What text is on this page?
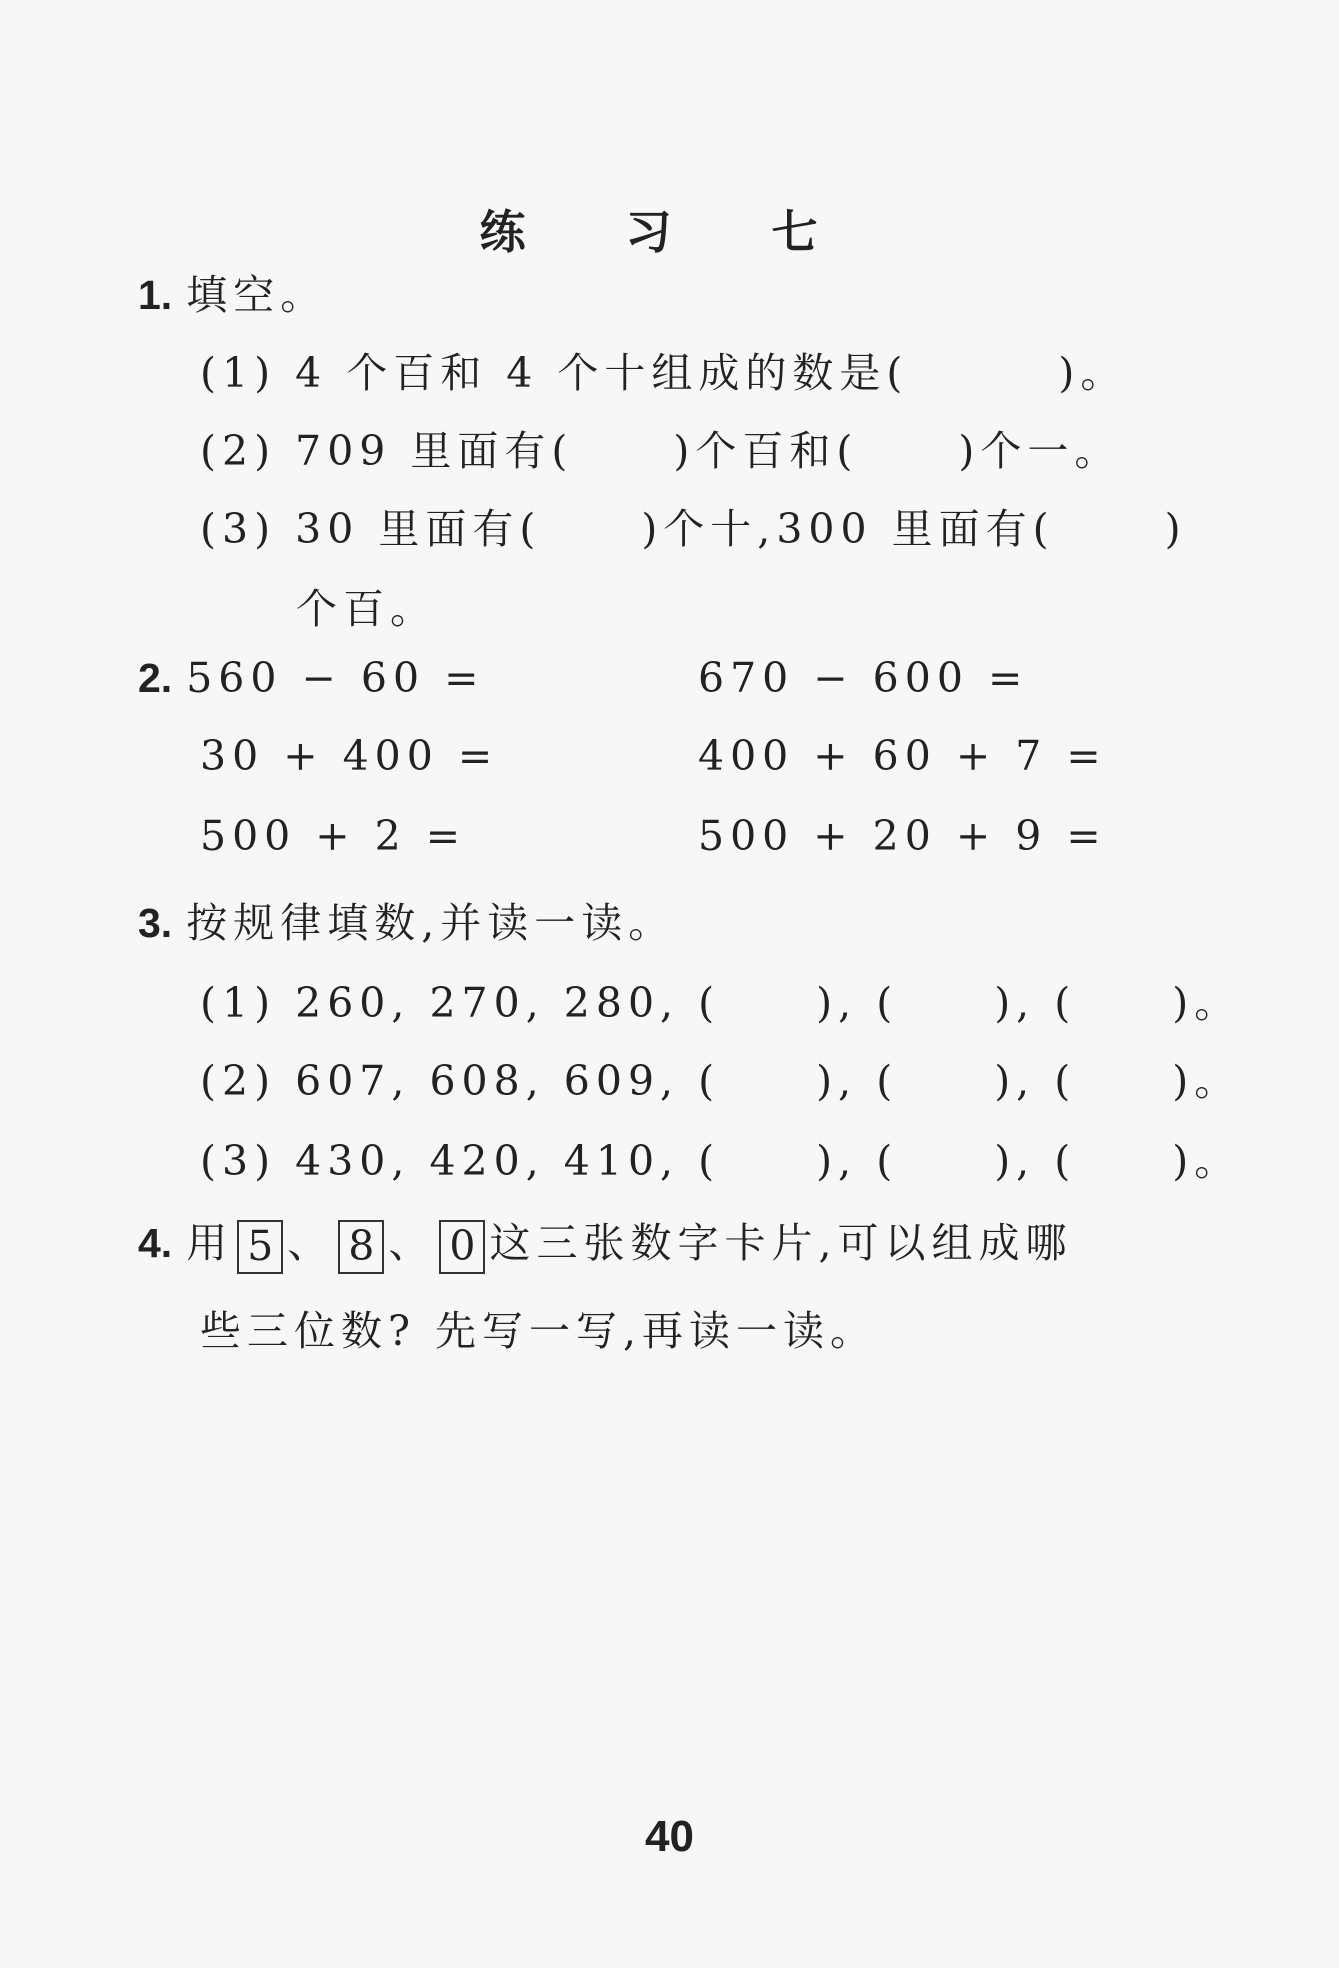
练 习 七
1. 填空。
(1) 4 个百和 4 个十组成的数是(	)。
(2) 709 里面有( )个百和( )个一。
(3) 30 里面有( )个十,300 里面有(	)
个百。
2. 560 − 60 =	670 − 600 =
30 + 400 =	400 + 60 + 7 =
500 + 2 =	500 + 20 + 9 =
3. 按规律填数,并读一读。
(1) 260, 270, 280, ( ), ( ), ( )。
(2) 607, 608, 609, ( ), ( ), ( )。
(3) 430, 420, 410, ( ), ( ), ( )。
4. 用 5 、 8 、 0 这三张数字卡片,可以组成哪
些三位数? 先写一写,再读一读。
40
